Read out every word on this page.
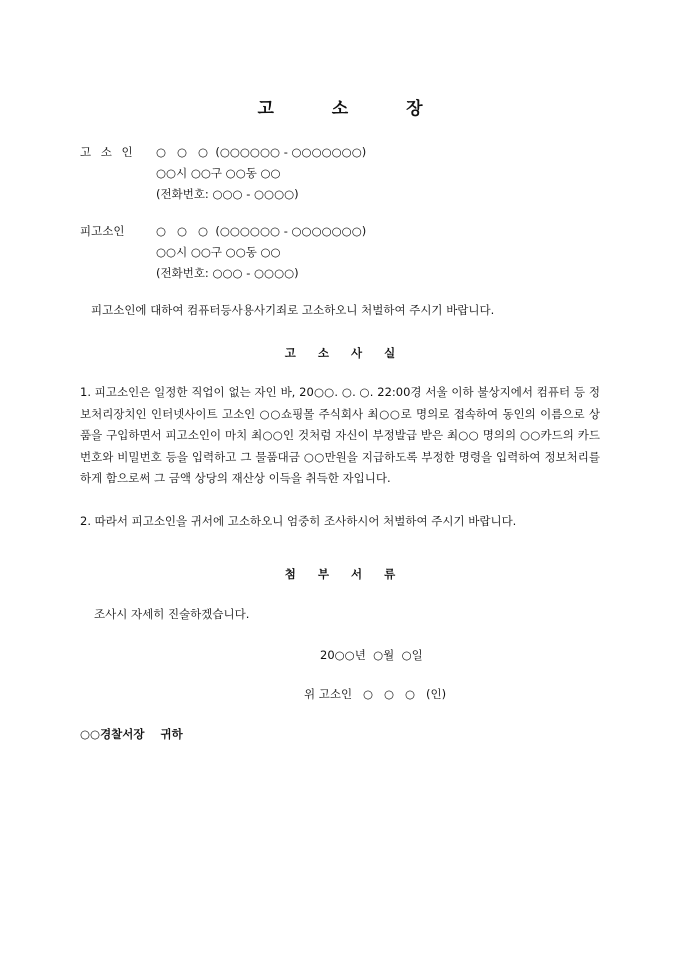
고 소 장
고 소 인	○   ○   ○  (○○○○○○ - ○○○○○○○)
○○시 ○○구 ○○동 ○○
(전화번호: ○○○ - ○○○○)
피고소인	○   ○   ○  (○○○○○○ - ○○○○○○○)
○○시 ○○구 ○○동 ○○
(전화번호: ○○○ - ○○○○)
피고소인에 대하여 컴퓨터등사용사기죄로 고소하오니 처벌하여 주시기 바랍니다.
고 소 사 실

1. 피고소인은 일정한 직업이 없는 자인 바, 20○○. ○. ○. 22:00경 서울 이하 불상지에서 컴퓨터 등 정보처리장치인 인터넷사이트 고소인 ○○쇼핑몰 주식회사 최○○로 명의로 접속하여 동인의 이름으로 상품을 구입하면서 피고소인이 마치 최○○인 것처럼 자신이 부정발급 받은 최○○ 명의의 ○○카드의 카드번호와 비밀번호 등을 입력하고 그 물품대금 ○○만원을 지급하도록 부정한 명령을 입력하여 정보처리를 하게 함으로써 그 금액 상당의 재산상 이득을 취득한 자입니다.

2. 따라서 피고소인을 귀서에 고소하오니 엄중히 조사하시어 처벌하여 주시기 바랍니다.

첨 부 서 류
조사시 자세히 진술하겠습니다.
20○○년  ○월  ○일
위 고소인   ○   ○   ○   (인)
○○경찰서장    귀하
